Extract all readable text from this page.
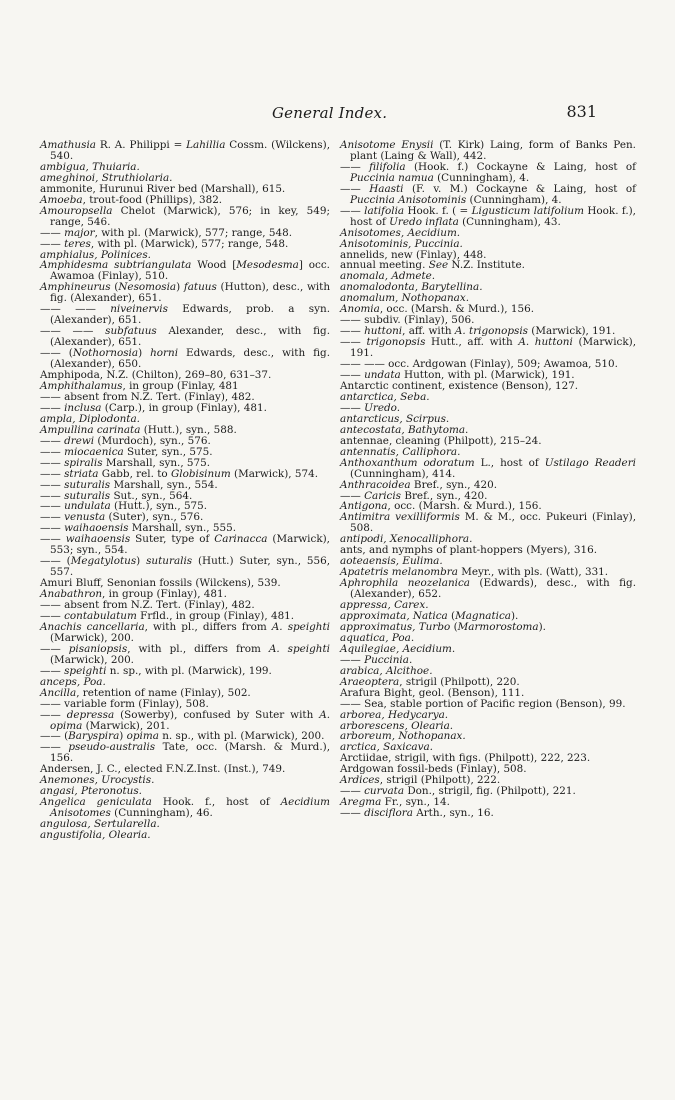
General Index.	831
Amathusia R. A. Philippi = Lahillia Cossm. (Wilckens), 540.
ambigua, Thuiaria.
ameghinoi, Struthiolaria.
ammonite, Hurunui River bed (Marshall), 615.
Amoeba, trout-food (Phillips), 382.
Amouropsella Chelot (Marwick), 576; in key, 549; range, 546.
—— major, with pl. (Marwick), 577; range, 548.
—— teres, with pl. (Marwick), 577; range, 548.
amphialus, Polinices.
Amphidesma subtriangulata Wood [Mesodesma] occ. Awamoa (Finlay), 510.
Amphineurus (Nesomosia) fatuus (Hutton), desc., with fig. (Alexander), 651.
—— —— niveinervis Edwards, prob. a syn. (Alexander), 651.
—— —— subfatuus Alexander, desc., with fig. (Alexander), 651.
—— (Nothornosia) horni Edwards, desc., with fig. (Alexander), 650.
Amphipoda, N.Z. (Chilton), 269–80, 631–37.
Amphithalamus, in group (Finlay, 481
—— absent from N.Z. Tert. (Finlay), 482.
—— inclusa (Carp.), in group (Finlay), 481.
ampla, Diplodonta.
Ampullina carinata (Hutt.), syn., 588.
—— drewi (Murdoch), syn., 576.
—— miocaenica Suter, syn., 575.
—— spiralis Marshall, syn., 575.
—— striata Gabb, rel. to Globisinum (Marwick), 574.
—— suturalis Marshall, syn., 554.
—— suturalis Sut., syn., 564.
—— undulata (Hutt.), syn., 575.
—— venusta (Suter), syn., 576.
—— waihaoensis Marshall, syn., 555.
—— waihaoensis Suter, type of Carinacca (Marwick), 553; syn., 554.
—— (Megatylotus) suturalis (Hutt.) Suter, syn., 556, 557.
Amuri Bluff, Senonian fossils (Wilckens), 539.
Anabathron, in group (Finlay), 481.
—— absent from N.Z. Tert. (Finlay), 482.
—— contabulatum Frfld., in group (Finlay), 481.
Anachis cancellaria, with pl., differs from A. speighti (Marwick), 200.
—— pisaniopsis, with pl., differs from A. speighti (Marwick), 200.
—— speighti n. sp., with pl. (Marwick), 199.
anceps, Poa.
Ancilla, retention of name (Finlay), 502.
—— variable form (Finlay), 508.
—— depressa (Sowerby), confused by Suter with A. opima (Marwick), 201.
—— (Baryspira) opima n. sp., with pl. (Marwick), 200.
—— pseudo-australis Tate, occ. (Marsh. & Murd.), 156.
Andersen, J. C., elected F.N.Z.Inst. (Inst.), 749.
Anemones, Urocystis.
angasi, Pteronotus.
Angelica geniculata Hook. f., host of Aecidium Anisotomes (Cunningham), 46.
angulosa, Sertularella.
angustifolia, Olearia.
Anisotome Enysii (T. Kirk) Laing, form of Banks Pen. plant (Laing & Wall), 442.
—— filifolia (Hook. f.) Cockayne & Laing, host of Puccinia namua (Cunningham), 4.
—— Haasti (F. v. M.) Cockayne & Laing, host of Puccinia Anisotominis (Cunningham), 4.
—— latifolia Hook. f. ( = Ligusticum latifolium Hook. f.), host of Uredo inflata (Cunningham), 43.
Anisotomes, Aecidium.
Anisotominis, Puccinia.
annelids, new (Finlay), 448.
annual meeting. See N.Z. Institute.
anomala, Admete.
anomalodonta, Barytellina.
anomalum, Nothopanax.
Anomia, occ. (Marsh. & Murd.), 156.
—— subdiv. (Finlay), 506.
—— huttoni, aff. with A. trigonopsis (Marwick), 191.
—— trigonopsis Hutt., aff. with A. huttoni (Marwick), 191.
—— —— occ. Ardgowan (Finlay), 509; Awamoa, 510.
—— undata Hutton, with pl. (Marwick), 191.
Antarctic continent, existence (Benson), 127.
antarctica, Seba.
—— Uredo.
antarcticus, Scirpus.
antecostata, Bathytoma.
antennae, cleaning (Philpott), 215–24.
antennatis, Calliphora.
Anthoxanthum odoratum L., host of Ustilago Readeri (Cunningham), 414.
Anthracoidea Bref., syn., 420.
—— Caricis Bref., syn., 420.
Antigona, occ. (Marsh. & Murd.), 156.
Antimitra vexilliformis M. & M., occ. Pukeuri (Finlay), 508.
antipodi, Xenocalliphora.
ants, and nymphs of plant-hoppers (Myers), 316.
aoteaensis, Eulima.
Apatetris melanombra Meyr., with pls. (Watt), 331.
Aphrophila neozelanica (Edwards), desc., with fig. (Alexander), 652.
appressa, Carex.
approximata, Natica (Magnatica).
approximatus, Turbo (Marmorostoma).
aquatica, Poa.
Aquilegiae, Aecidium.
—— Puccinia.
arabica, Alcithoe.
Araeoptera, strigil (Philpott), 220.
Arafura Bight, geol. (Benson), 111.
—— Sea, stable portion of Pacific region (Benson), 99.
arborea, Hedycarya.
arborescens, Olearia.
arboreum, Nothopanax.
arctica, Saxicava.
Arctiidae, strigil, with figs. (Philpott), 222, 223.
Ardgowan fossil-beds (Finlay), 508.
Ardices, strigil (Philpott), 222.
—— curvata Don., strigil, fig. (Philpott), 221.
Aregma Fr., syn., 14.
—— disciflora Arth., syn., 16.
